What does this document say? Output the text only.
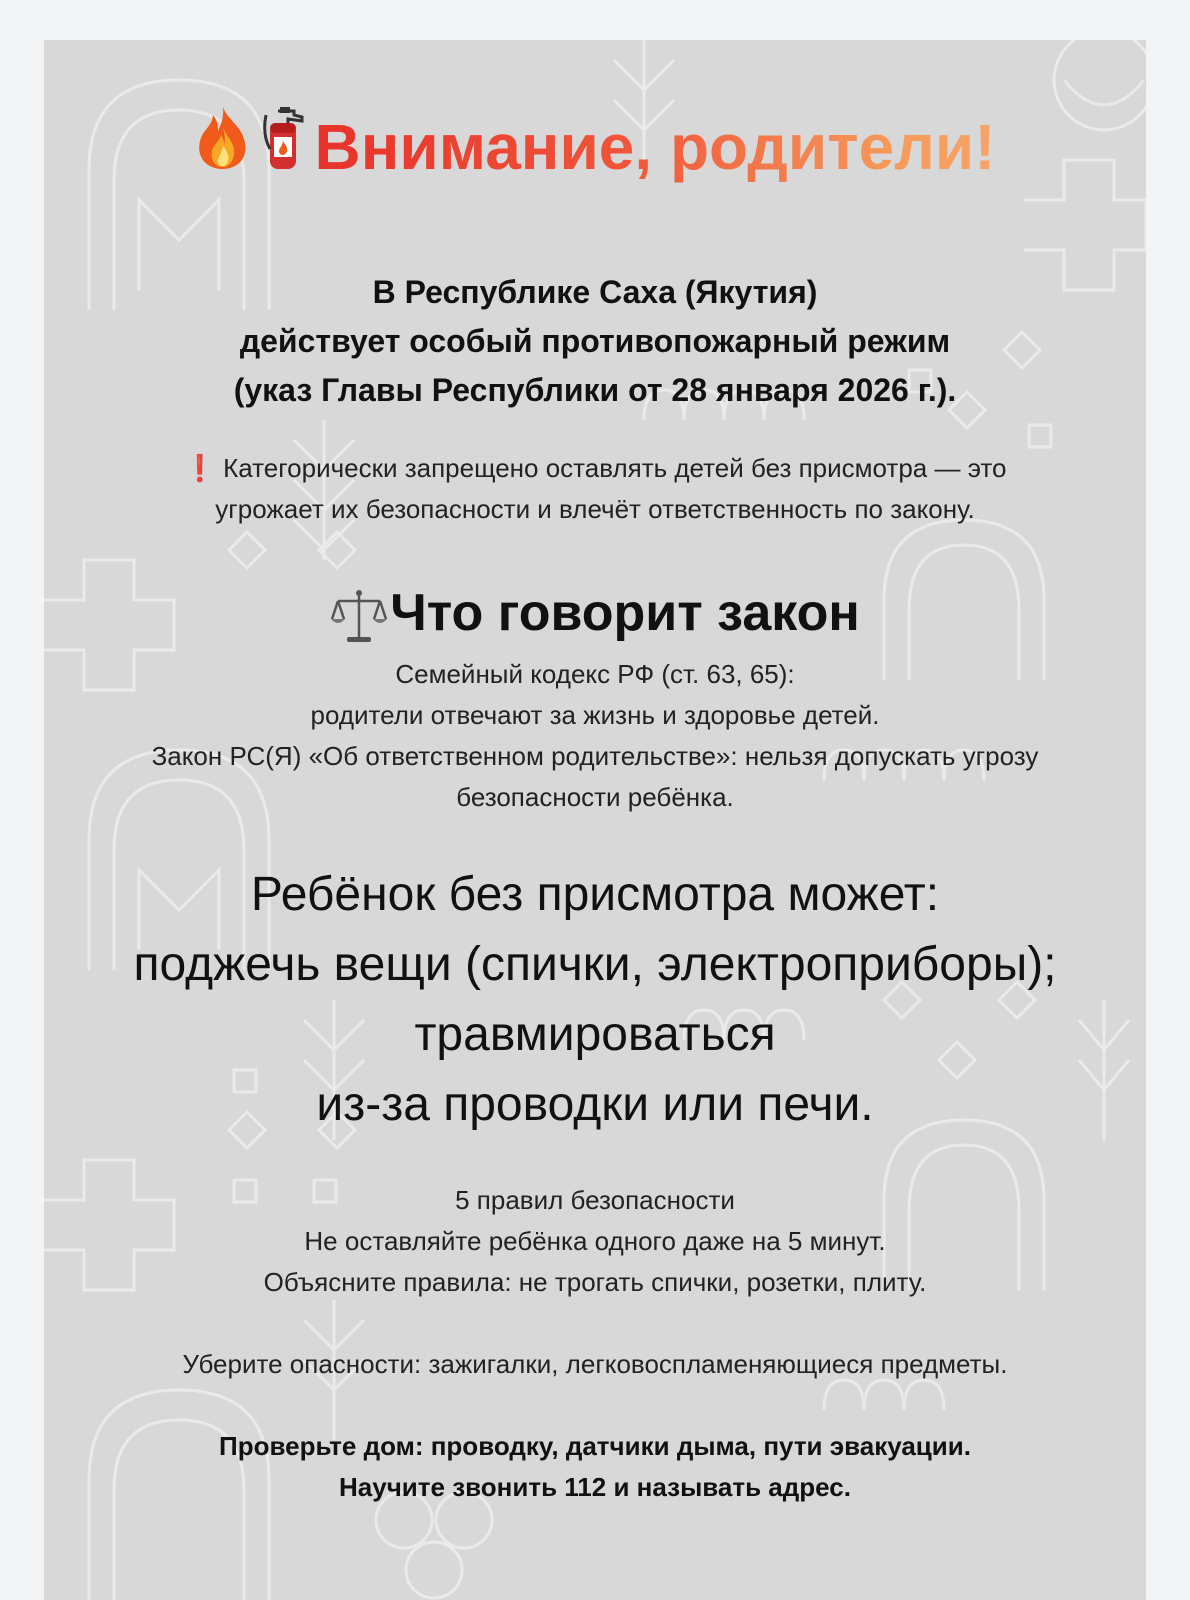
Внимание, родители!
В Республике Саха (Якутия)
действует особый противопожарный режим
(указ Главы Республики от 28 января 2026 г.).
❗ Категорически запрещено оставлять детей без присмотра — это
угрожает их безопасности и влечёт ответственность по закону.
Что говорит закон
Семейный кодекс РФ (ст. 63, 65):
родители отвечают за жизнь и здоровье детей.
Закон РС(Я) «Об ответственном родительстве»: нельзя допускать угрозу
безопасности ребёнка.
Ребёнок без присмотра может:
поджечь вещи (спички, электроприборы);
травмироваться
из-за проводки или печи.
5 правил безопасности
Не оставляйте ребёнка одного даже на 5 минут.
Объясните правила: не трогать спички, розетки, плиту.
Уберите опасности: зажигалки, легковоспламеняющиеся предметы.
Проверьте дом: проводку, датчики дыма, пути эвакуации.
Научите звонить 112 и называть адрес.
